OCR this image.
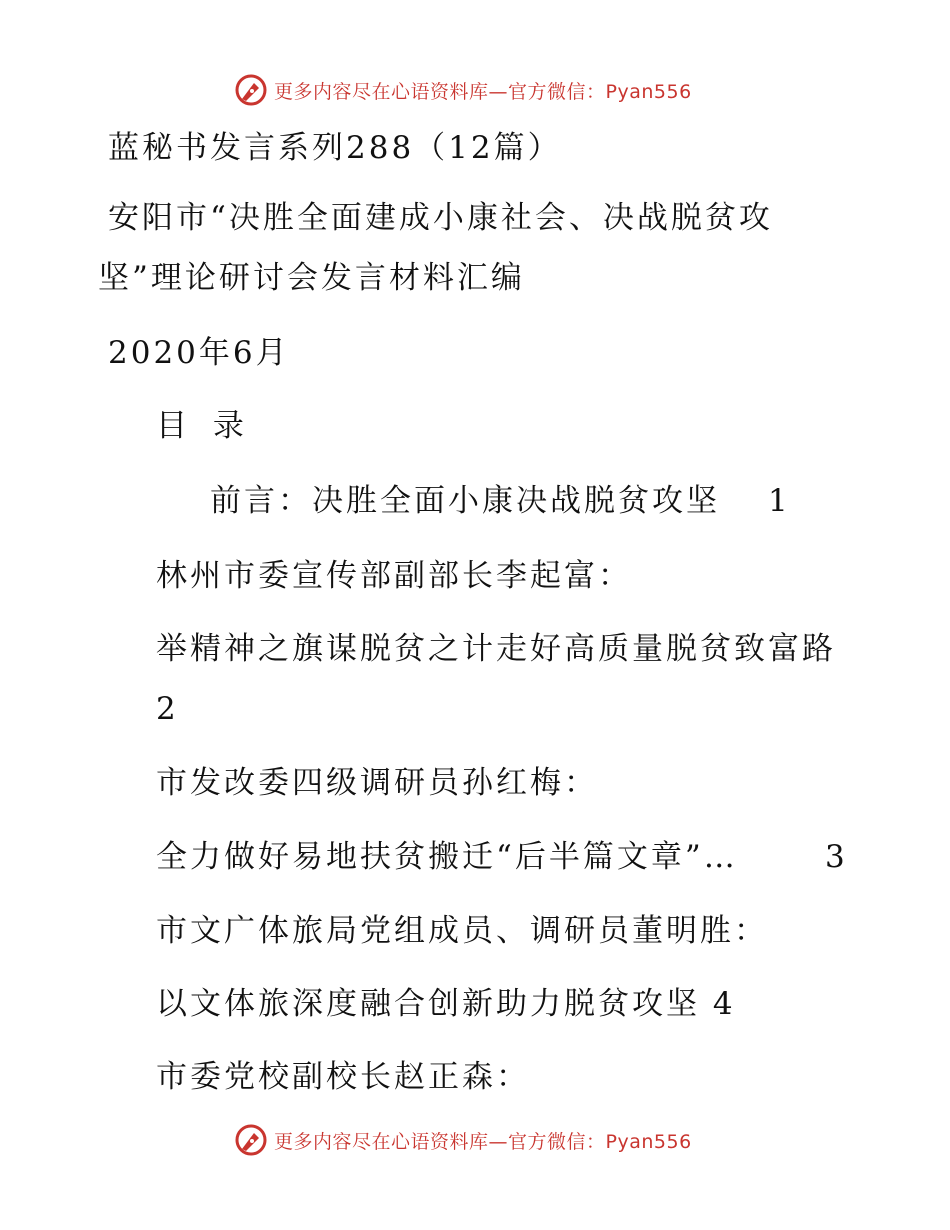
更多内容尽在心语资料库—官方微信：Pyan556
蓝秘书发言系列288（12篇）
安阳市“决胜全面建成小康社会、决战脱贫攻
坚”理论研讨会发言材料汇编
2020年6月
目 录
前言：决胜全面小康决战脱贫攻坚 1
林州市委宣传部副部长李起富：
举精神之旗谋脱贫之计走好高质量脱贫致富路
2
市发改委四级调研员孙红梅：
全力做好易地扶贫搬迁“后半篇文章”…	3
市文广体旅局党组成员、调研员董明胜：
以文体旅深度融合创新助力脱贫攻坚 4
市委党校副校长赵正森：
更多内容尽在心语资料库—官方微信：Pyan556
